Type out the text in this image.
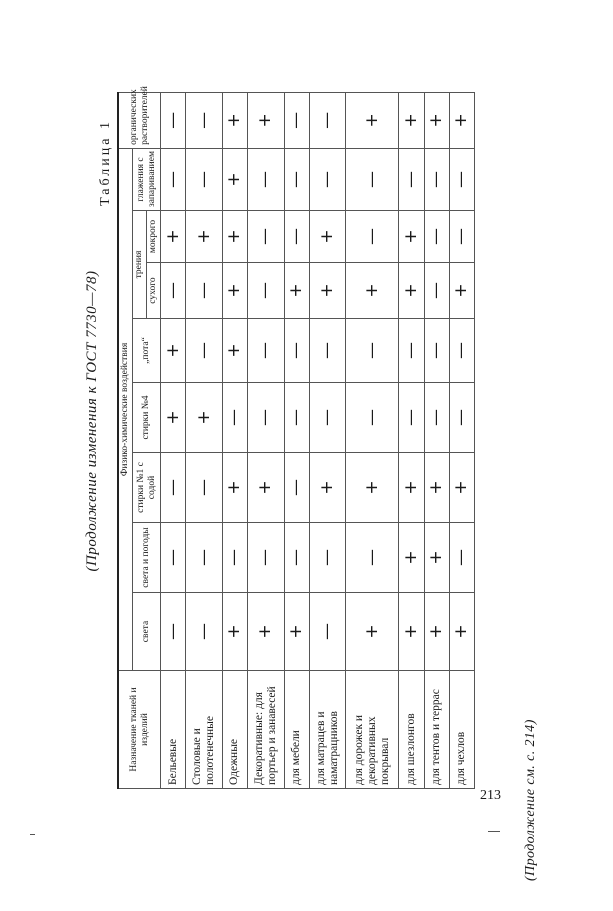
(Продолжение изменения к ГОСТ 7730—78)
Таблица 1
Назначение тканей и изделий	Физико-химические воздействия								органических растворителей
	света	света и погоды	стирки №1 с содой	стирки №4	„пота“	трения		глажения с запариванием	
						сухого	мокрого		
Бельевые	—	—	—	+	+	—	+	—	—
Столовые и полотенечные	—	—	—	+	—	—	+	—	—
Одежные	+	—	+	—	+	+	+	+	+
Декоративные: для портьер и занавесей	+	—	+	—	—	—	—	—	+
для мебели	+	—	—	—	—	+	—	—	—
для матрацев и наматрацников	—	—	+	—	—	+	+	—	—
для дорожек и декоративных покрывал	+	—	+	—	—	+	—	—	+
для шезлонгов	+	+	+	—	—	+	+	—	+
для тентов и террас	+	+	+	—	—	—	—	—	+
для чехлов	+	—	+	—	—	+	—	—	+
(Продолжение см. с. 214)
213
